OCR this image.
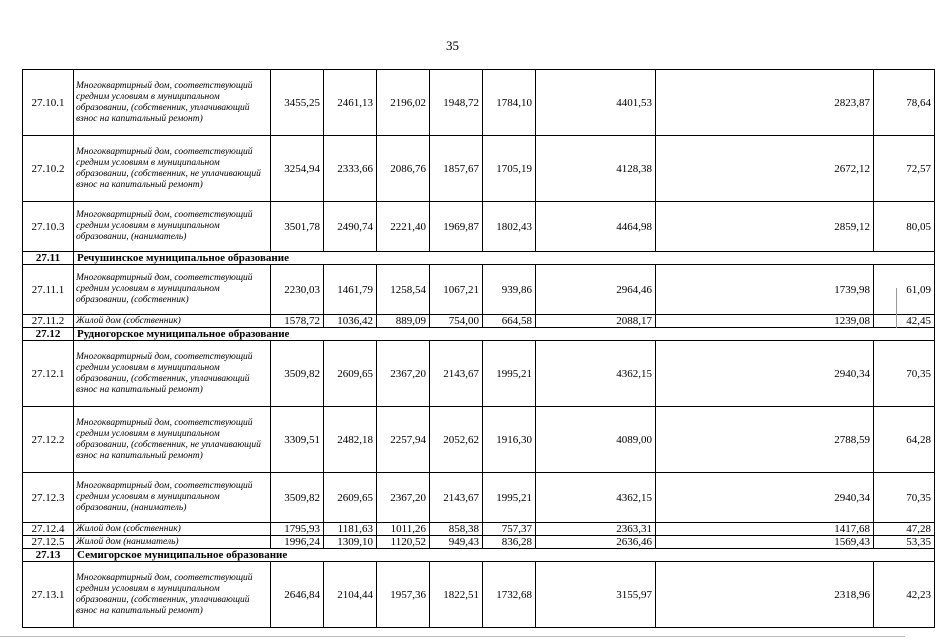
35
27.10.1	Многоквартирный дом, соответствующий средним условиям в муниципальном образовании, (собственник, уплачивающий взнос на капитальный ремонт)	3455,25	2461,13	2196,02	1948,72	1784,10	4401,53	2823,87	78,64
27.10.2	Многоквартирный дом, соответствующий средним условиям в муниципальном образовании, (собственник, не уплачивающий взнос на капитальный ремонт)	3254,94	2333,66	2086,76	1857,67	1705,19	4128,38	2672,12	72,57
27.10.3	Многоквартирный дом, соответствующий средним условиям в муниципальном образовании, (наниматель)	3501,78	2490,74	2221,40	1969,87	1802,43	4464,98	2859,12	80,05
27.11	Речушинское муниципальное образование								
27.11.1	Многоквартирный дом, соответствующий средним условиям в муниципальном образовании, (собственник)	2230,03	1461,79	1258,54	1067,21	939,86	2964,46	1739,98	61,09
27.11.2	Жилой дом (собственник)	1578,72	1036,42	889,09	754,00	664,58	2088,17	1239,08	42,45
27.12	Рудногорское муниципальное образование								
27.12.1	Многоквартирный дом, соответствующий средним условиям в муниципальном образовании, (собственник, уплачивающий взнос на капитальный ремонт)	3509,82	2609,65	2367,20	2143,67	1995,21	4362,15	2940,34	70,35
27.12.2	Многоквартирный дом, соответствующий средним условиям в муниципальном образовании, (собственник, не уплачивающий взнос на капитальный ремонт)	3309,51	2482,18	2257,94	2052,62	1916,30	4089,00	2788,59	64,28
27.12.3	Многоквартирный дом, соответствующий средним условиям в муниципальном образовании, (наниматель)	3509,82	2609,65	2367,20	2143,67	1995,21	4362,15	2940,34	70,35
27.12.4	Жилой дом (собственник)	1795,93	1181,63	1011,26	858,38	757,37	2363,31	1417,68	47,28
27.12.5	Жилой дом (наниматель)	1996,24	1309,10	1120,52	949,43	836,28	2636,46	1569,43	53,35
27.13	Семигорское муниципальное образование								
27.13.1	Многоквартирный дом, соответствующий средним условиям в муниципальном образовании, (собственник, уплачивающий взнос на капитальный ремонт)	2646,84	2104,44	1957,36	1822,51	1732,68	3155,97	2318,96	42,23
